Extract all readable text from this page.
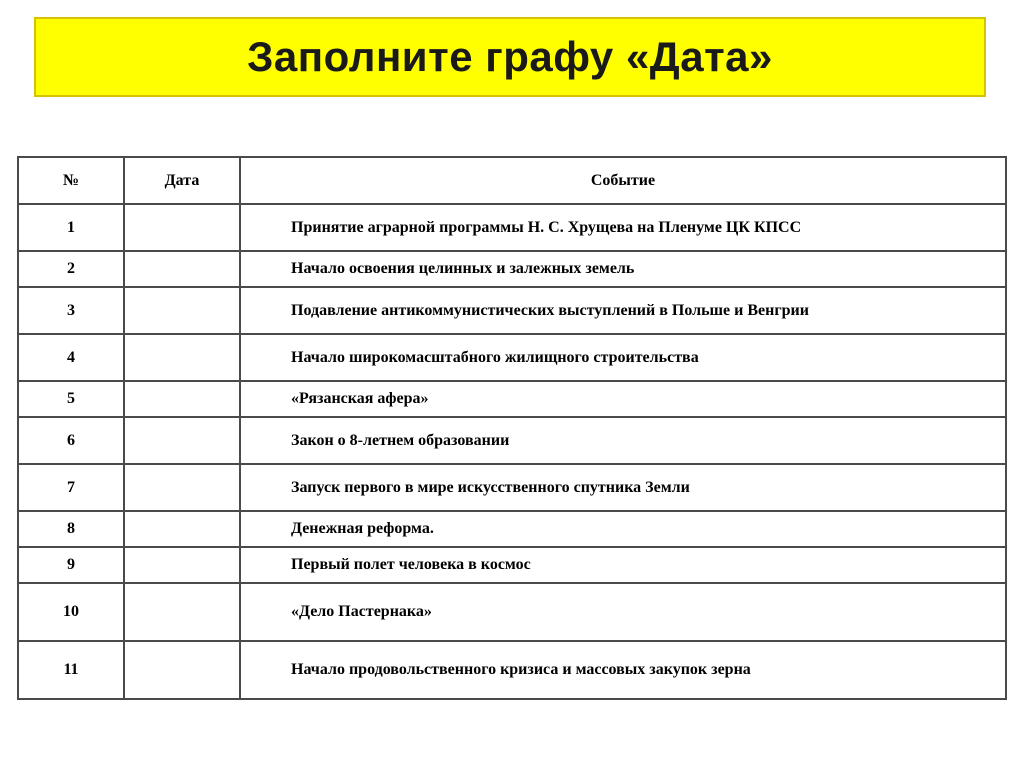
Заполните графу «Дата»
№	Дата	Событие
1		Принятие аграрной программы Н. С. Хрущева на Пленуме ЦК КПСС
2		Начало освоения целинных и залежных земель
3		Подавление антикоммунистических выступлений в Польше и Венгрии
4		Начало широкомасштабного жилищного строительства
5		«Рязанская афера»
6		Закон о 8-летнем образовании
7		Запуск первого в мире искусственного спутника Земли
8		Денежная реформа.
9		Первый полет человека в космос
10		«Дело Пастернака»
11		Начало продовольственного кризиса и массовых закупок зерна
